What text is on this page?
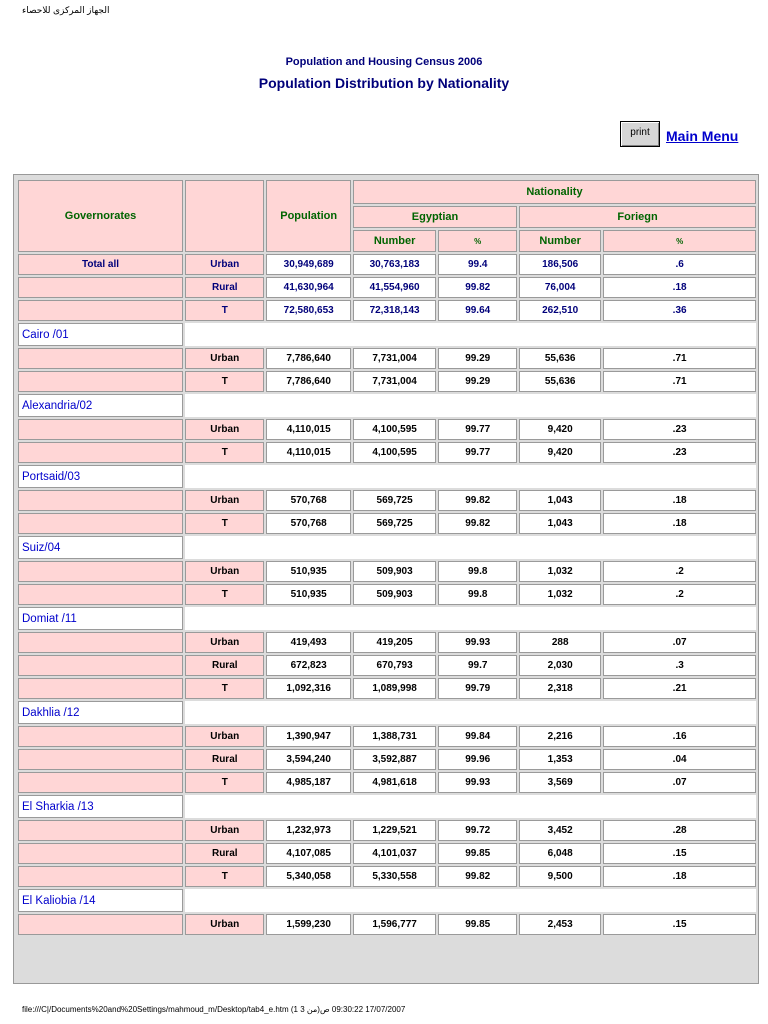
الجهاز المركزى للاحصاء
Population and Housing Census 2006
Population Distribution by Nationality
print	Main Menu
Governorates		Population	Nationality			
			Egyptian		Foriegn	
			Number	%	Number	%
Total all	Urban	30,949,689	30,763,183	99.4	186,506	.6
	Rural	41,630,964	41,554,960	99.82	76,004	.18
	T	72,580,653	72,318,143	99.64	262,510	.36
Cairo /01						
	Urban	7,786,640	7,731,004	99.29	55,636	.71
	T	7,786,640	7,731,004	99.29	55,636	.71
Alexandria/02						
	Urban	4,110,015	4,100,595	99.77	9,420	.23
	T	4,110,015	4,100,595	99.77	9,420	.23
Portsaid/03						
	Urban	570,768	569,725	99.82	1,043	.18
	T	570,768	569,725	99.82	1,043	.18
Suiz/04						
	Urban	510,935	509,903	99.8	1,032	.2
	T	510,935	509,903	99.8	1,032	.2
Domiat /11						
	Urban	419,493	419,205	99.93	288	.07
	Rural	672,823	670,793	99.7	2,030	.3
	T	1,092,316	1,089,998	99.79	2,318	.21
Dakhlia /12						
	Urban	1,390,947	1,388,731	99.84	2,216	.16
	Rural	3,594,240	3,592,887	99.96	1,353	.04
	T	4,985,187	4,981,618	99.93	3,569	.07
El Sharkia /13						
	Urban	1,232,973	1,229,521	99.72	3,452	.28
	Rural	4,107,085	4,101,037	99.85	6,048	.15
	T	5,340,058	5,330,558	99.82	9,500	.18
El Kaliobia /14						
	Urban	1,599,230	1,596,777	99.85	2,453	.15
file:///C|/Documents%20and%20Settings/mahmoud_m/Desktop/tab4_e.htm (1 من 3)17/07/2007 09:30:22 ص
